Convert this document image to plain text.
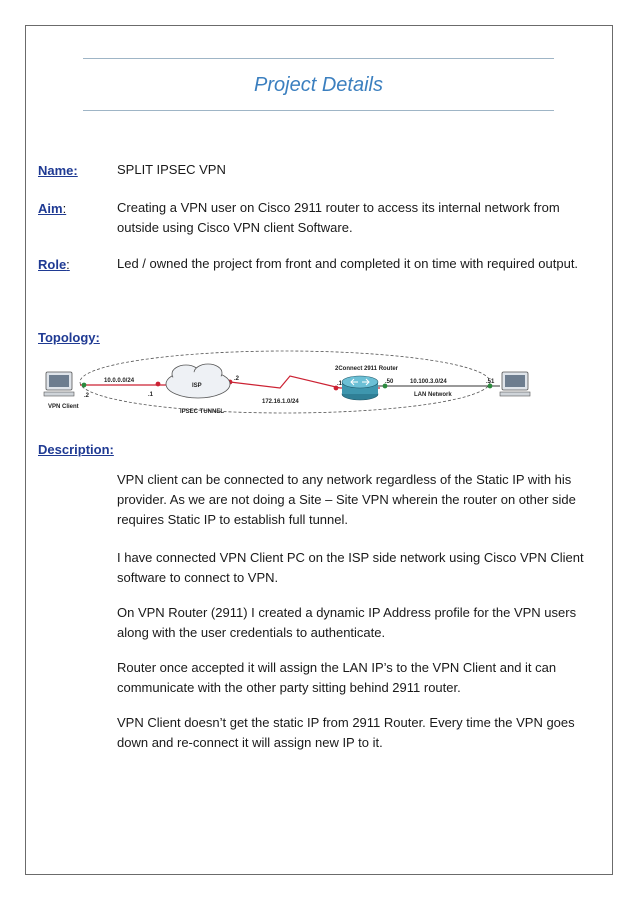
Project Details
Name:	SPLIT IPSEC VPN
Aim:	Creating a VPN user on Cisco 2911 router to access its internal network from outside using Cisco VPN client Software.
Role:	Led / owned the project from front and completed it on time with required output.
Topology:
10.0.0.0/24
.2	.1
.2
ISP
IPSEC TUNNEL
172.16.1.0/24
2Connect 2911 Router
.1	.50	10.100.3.0/24
LAN Network
.51
VPN Client
Description:

VPN client can be connected to any network regardless of the Static IP with his provider. As we are not doing a Site – Site VPN wherein the router on other side requires Static IP to establish full tunnel.

I have connected VPN Client PC on the ISP side network using Cisco VPN Client software to connect to VPN.

On VPN Router (2911) I created a dynamic IP Address profile for the VPN users along with the user credentials to authenticate.

Router once accepted it will assign the LAN IP’s to the VPN Client and it can communicate with the other party sitting behind 2911 router.

VPN Client doesn’t get the static IP from 2911 Router. Every time the VPN goes down and re-connect it will assign new IP to it.
